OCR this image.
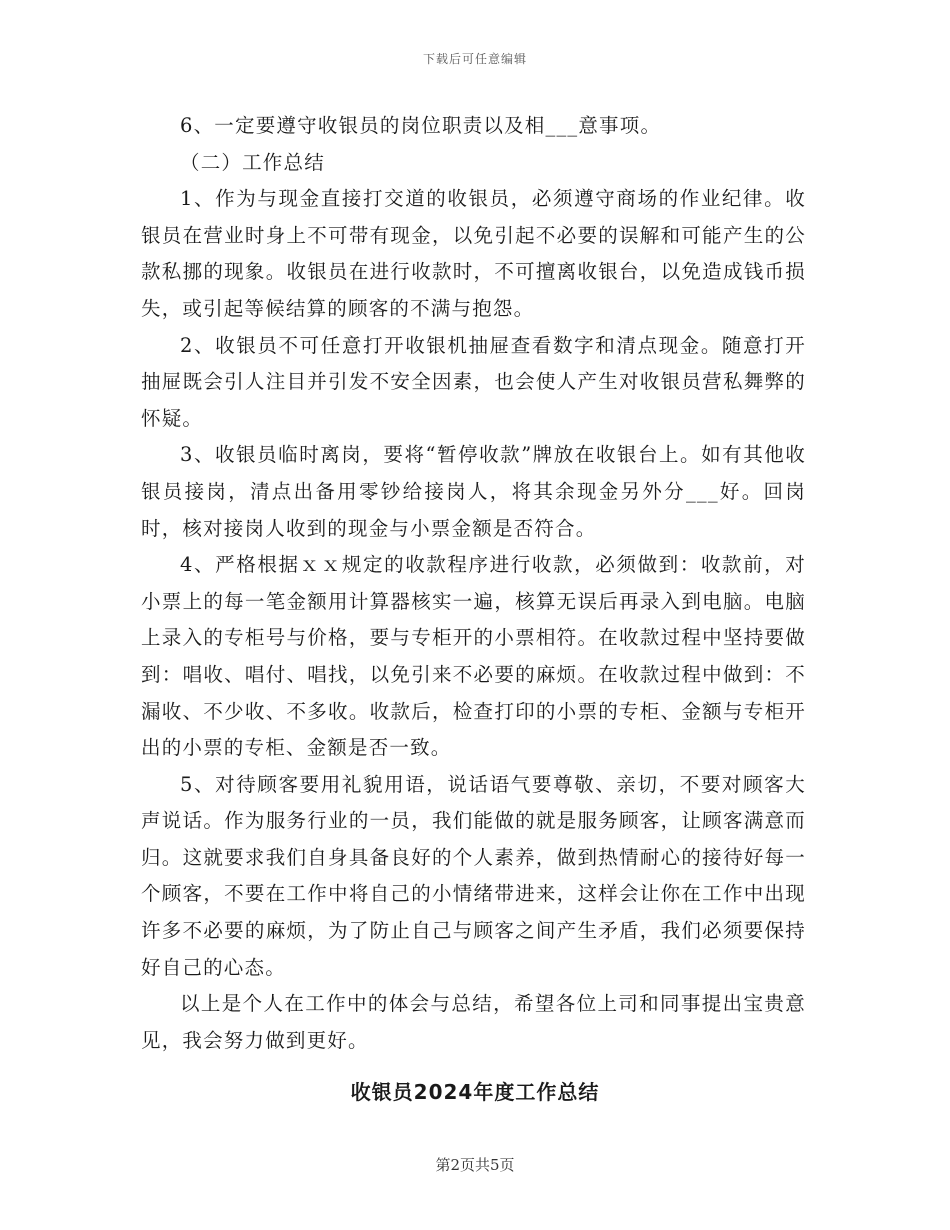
下载后可任意编辑

6、一定要遵守收银员的岗位职责以及相___意事项。

（二）工作总结

1、作为与现金直接打交道的收银员，必须遵守商场的作业纪律。收银员在营业时身上不可带有现金，以免引起不必要的误解和可能产生的公款私挪的现象。收银员在进行收款时，不可擅离收银台，以免造成钱币损失，或引起等候结算的顾客的不满与抱怨。

2、收银员不可任意打开收银机抽屉查看数字和清点现金。随意打开抽屉既会引人注目并引发不安全因素，也会使人产生对收银员营私舞弊的怀疑。

3、收银员临时离岗，要将“暂停收款”牌放在收银台上。如有其他收银员接岗，清点出备用零钞给接岗人，将其余现金另外分___好。回岗时，核对接岗人收到的现金与小票金额是否符合。

4、严格根据ｘｘ规定的收款程序进行收款，必须做到：收款前，对小票上的每一笔金额用计算器核实一遍，核算无误后再录入到电脑。电脑上录入的专柜号与价格，要与专柜开的小票相符。在收款过程中坚持要做到：唱收、唱付、唱找，以免引来不必要的麻烦。在收款过程中做到：不漏收、不少收、不多收。收款后，检查打印的小票的专柜、金额与专柜开出的小票的专柜、金额是否一致。

5、对待顾客要用礼貌用语，说话语气要尊敬、亲切，不要对顾客大声说话。作为服务行业的一员，我们能做的就是服务顾客，让顾客满意而归。这就要求我们自身具备良好的个人素养，做到热情耐心的接待好每一个顾客，不要在工作中将自己的小情绪带进来，这样会让你在工作中出现许多不必要的麻烦，为了防止自己与顾客之间产生矛盾，我们必须要保持好自己的心态。

以上是个人在工作中的体会与总结，希望各位上司和同事提出宝贵意见，我会努力做到更好。

收银员2024年度工作总结
第2页共5页
